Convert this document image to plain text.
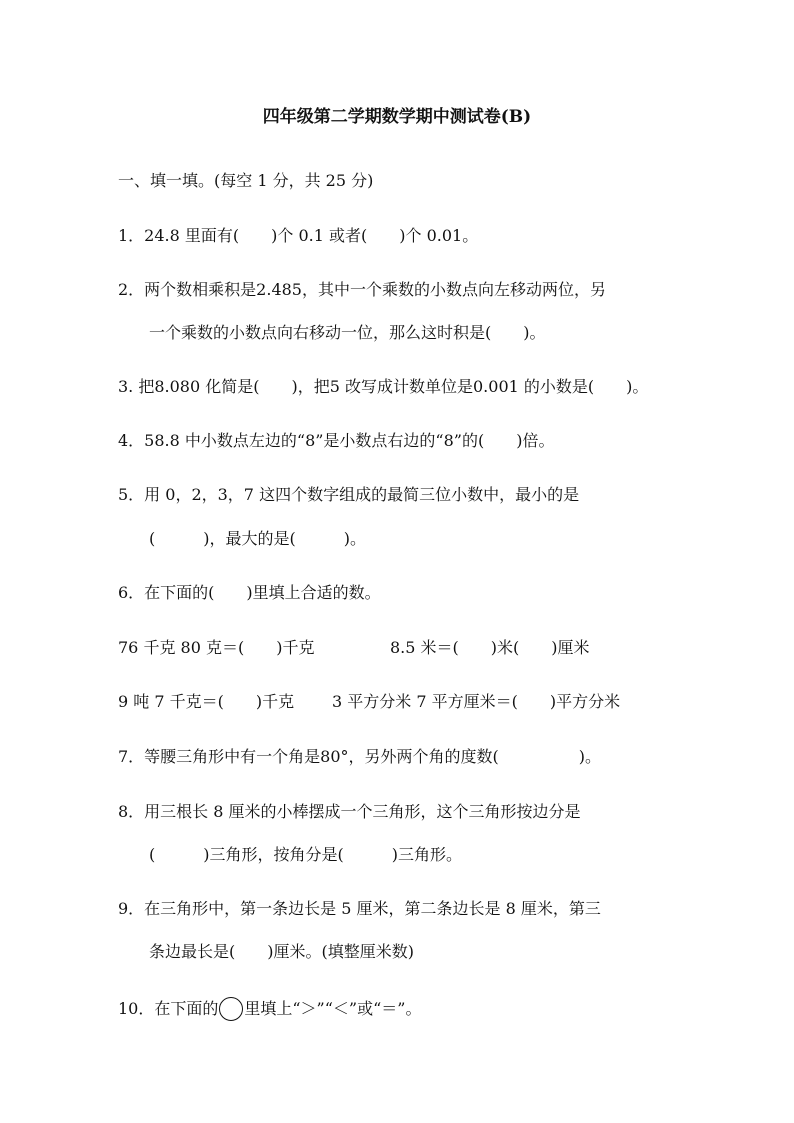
四年级第二学期数学期中测试卷(B)
一、填一填。(每空 1 分，共 25 分)
1．24.8 里面有(　　)个 0.1 或者(　　)个 0.01。
2．两个数相乘积是2.485，其中一个乘数的小数点向左移动两位，另
一个乘数的小数点向右移动一位，那么这时积是(　　)。
3. 把8.080 化简是(　　)，把5 改写成计数单位是0.001 的小数是(　　)。
4．58.8 中小数点左边的“8”是小数点右边的“8”的(　　)倍。
5．用 0，2，3，7 这四个数字组成的最简三位小数中，最小的是
(　　　)，最大的是(　　　)。
6．在下面的(　　)里填上合适的数。
76 千克 80 克＝(　　)千克	8.5 米＝(　　)米(　　)厘米
9 吨 7 千克＝(　　)千克 3 平方分米 7 平方厘米＝(　　)平方分米
7．等腰三角形中有一个角是80°，另外两个角的度数(　　　　　)。
8．用三根长 8 厘米的小棒摆成一个三角形，这个三角形按边分是
(　　　)三角形，按角分是(　　　)三角形。
9．在三角形中，第一条边长是 5 厘米，第二条边长是 8 厘米，第三
条边最长是(　　)厘米。(填整厘米数)
10．在下面的 里填上“＞”“＜”或“＝”。
